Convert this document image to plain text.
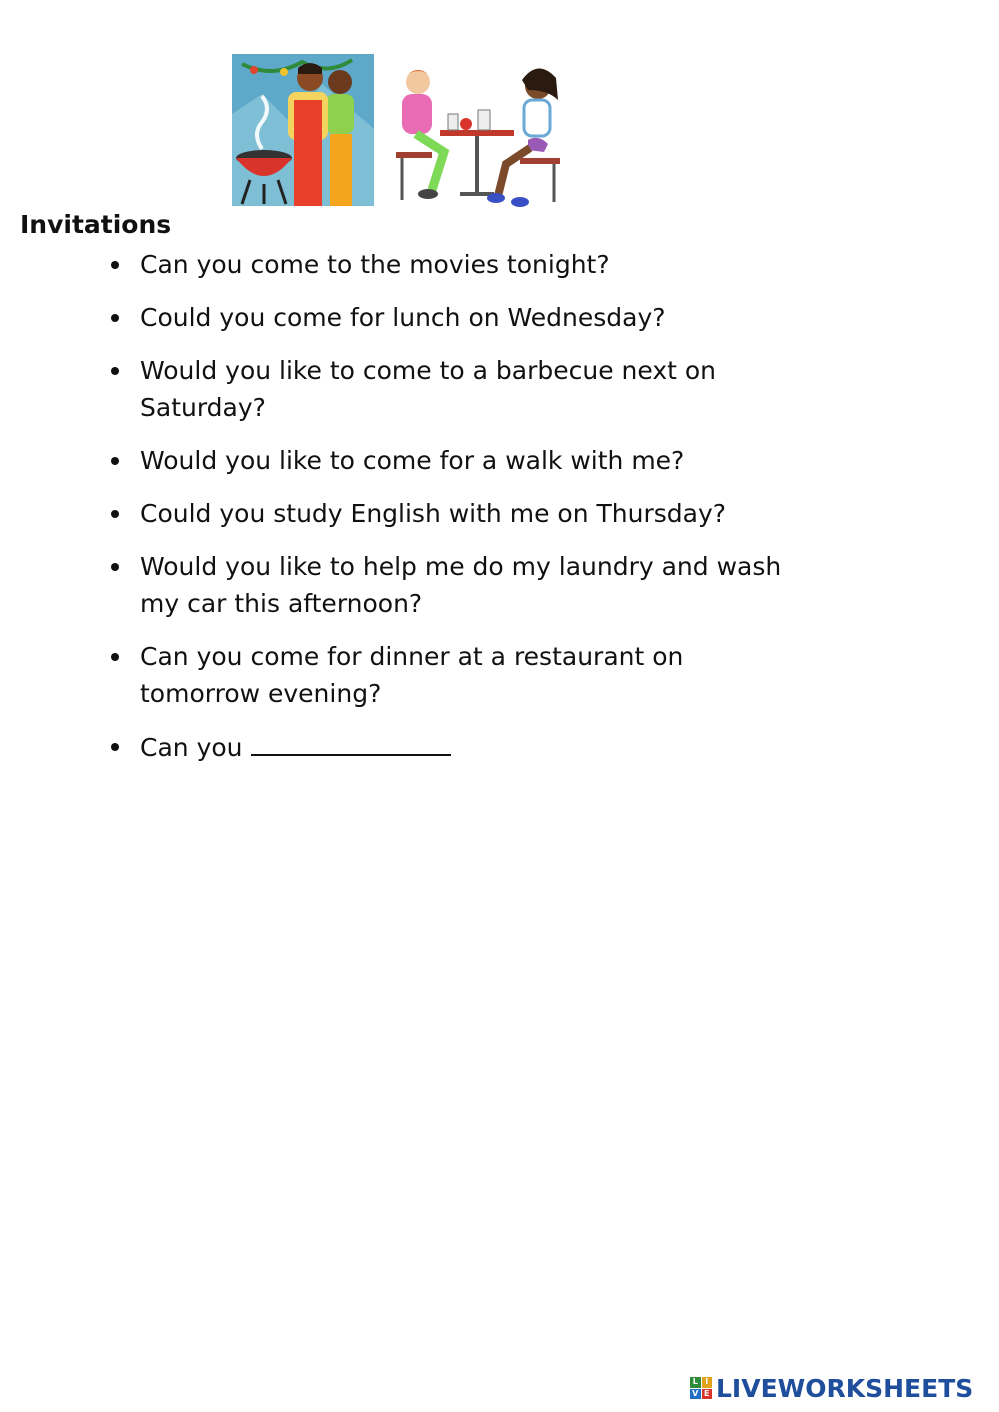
Invitations
Can you come to the movies tonight?
Could you come for lunch on Wednesday?
Would you like to come to a barbecue next on Saturday?
Would you like to come for a walk with me?
Could you study English with me on Thursday?
Would you like to help me do my laundry and wash my car this afternoon?
Can you come for dinner at a restaurant on tomorrow evening?
Can you
L I
V E LIVEWORKSHEETS
